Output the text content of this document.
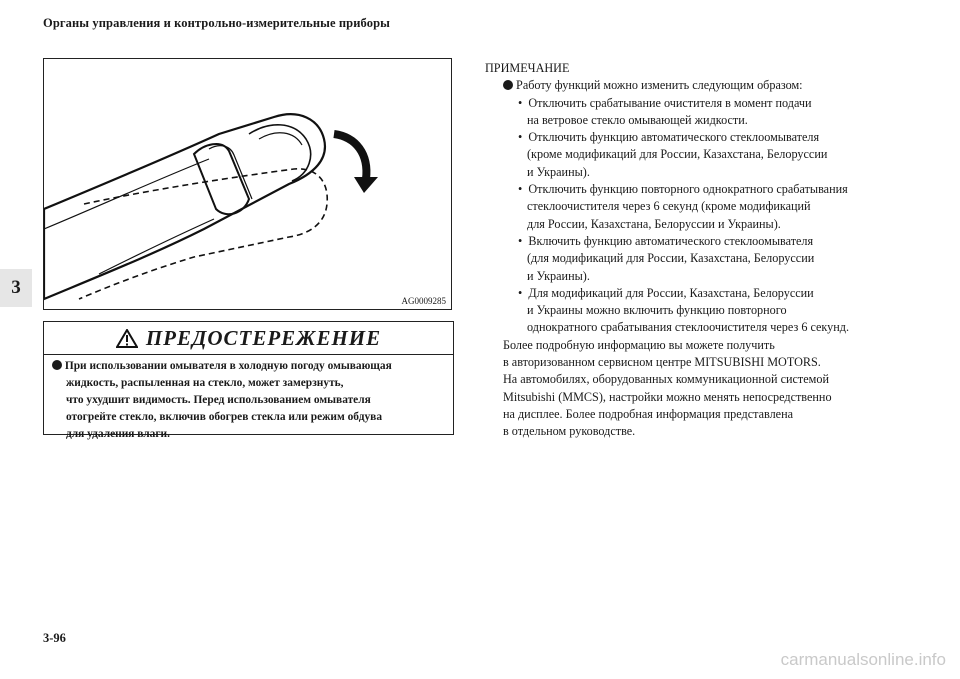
Органы управления и контрольно-измерительные приборы
3
AG0009285
ПРЕДОСТЕРЕЖЕНИЕ
При использовании омывателя в холодную погоду омывающая
жидкость, распыленная на стекло, может замерзнуть,
что ухудшит видимость. Перед использованием омывателя
отогрейте стекло, включив обогрев стекла или режим обдува
для удаления влаги.
ПРИМЕЧАНИЕ
Работу функций можно изменить следующим образом:
• Отключить срабатывание очистителя в момент подачи
на ветровое стекло омывающей жидкости.
• Отключить функцию автоматического стеклоомывателя
(кроме модификаций для России, Казахстана, Белоруссии
и Украины).
• Отключить функцию повторного однократного срабатывания
стеклоочистителя через 6 секунд (кроме модификаций
для России, Казахстана, Белоруссии и Украины).
• Включить функцию автоматического стеклоомывателя
(для модификаций для России, Казахстана, Белоруссии
и Украины).
• Для модификаций для России, Казахстана, Белоруссии
и Украины можно включить функцию повторного
однократного срабатывания стеклоочистителя через 6 секунд.
Более подробную информацию вы можете получить
в авторизованном сервисном центре MITSUBISHI MOTORS.
На автомобилях, оборудованных коммуникационной системой
Mitsubishi (MMCS), настройки можно менять непосредственно
на дисплее. Более подробная информация представлена
в отдельном руководстве.
3-96
carmanualsonline.info
